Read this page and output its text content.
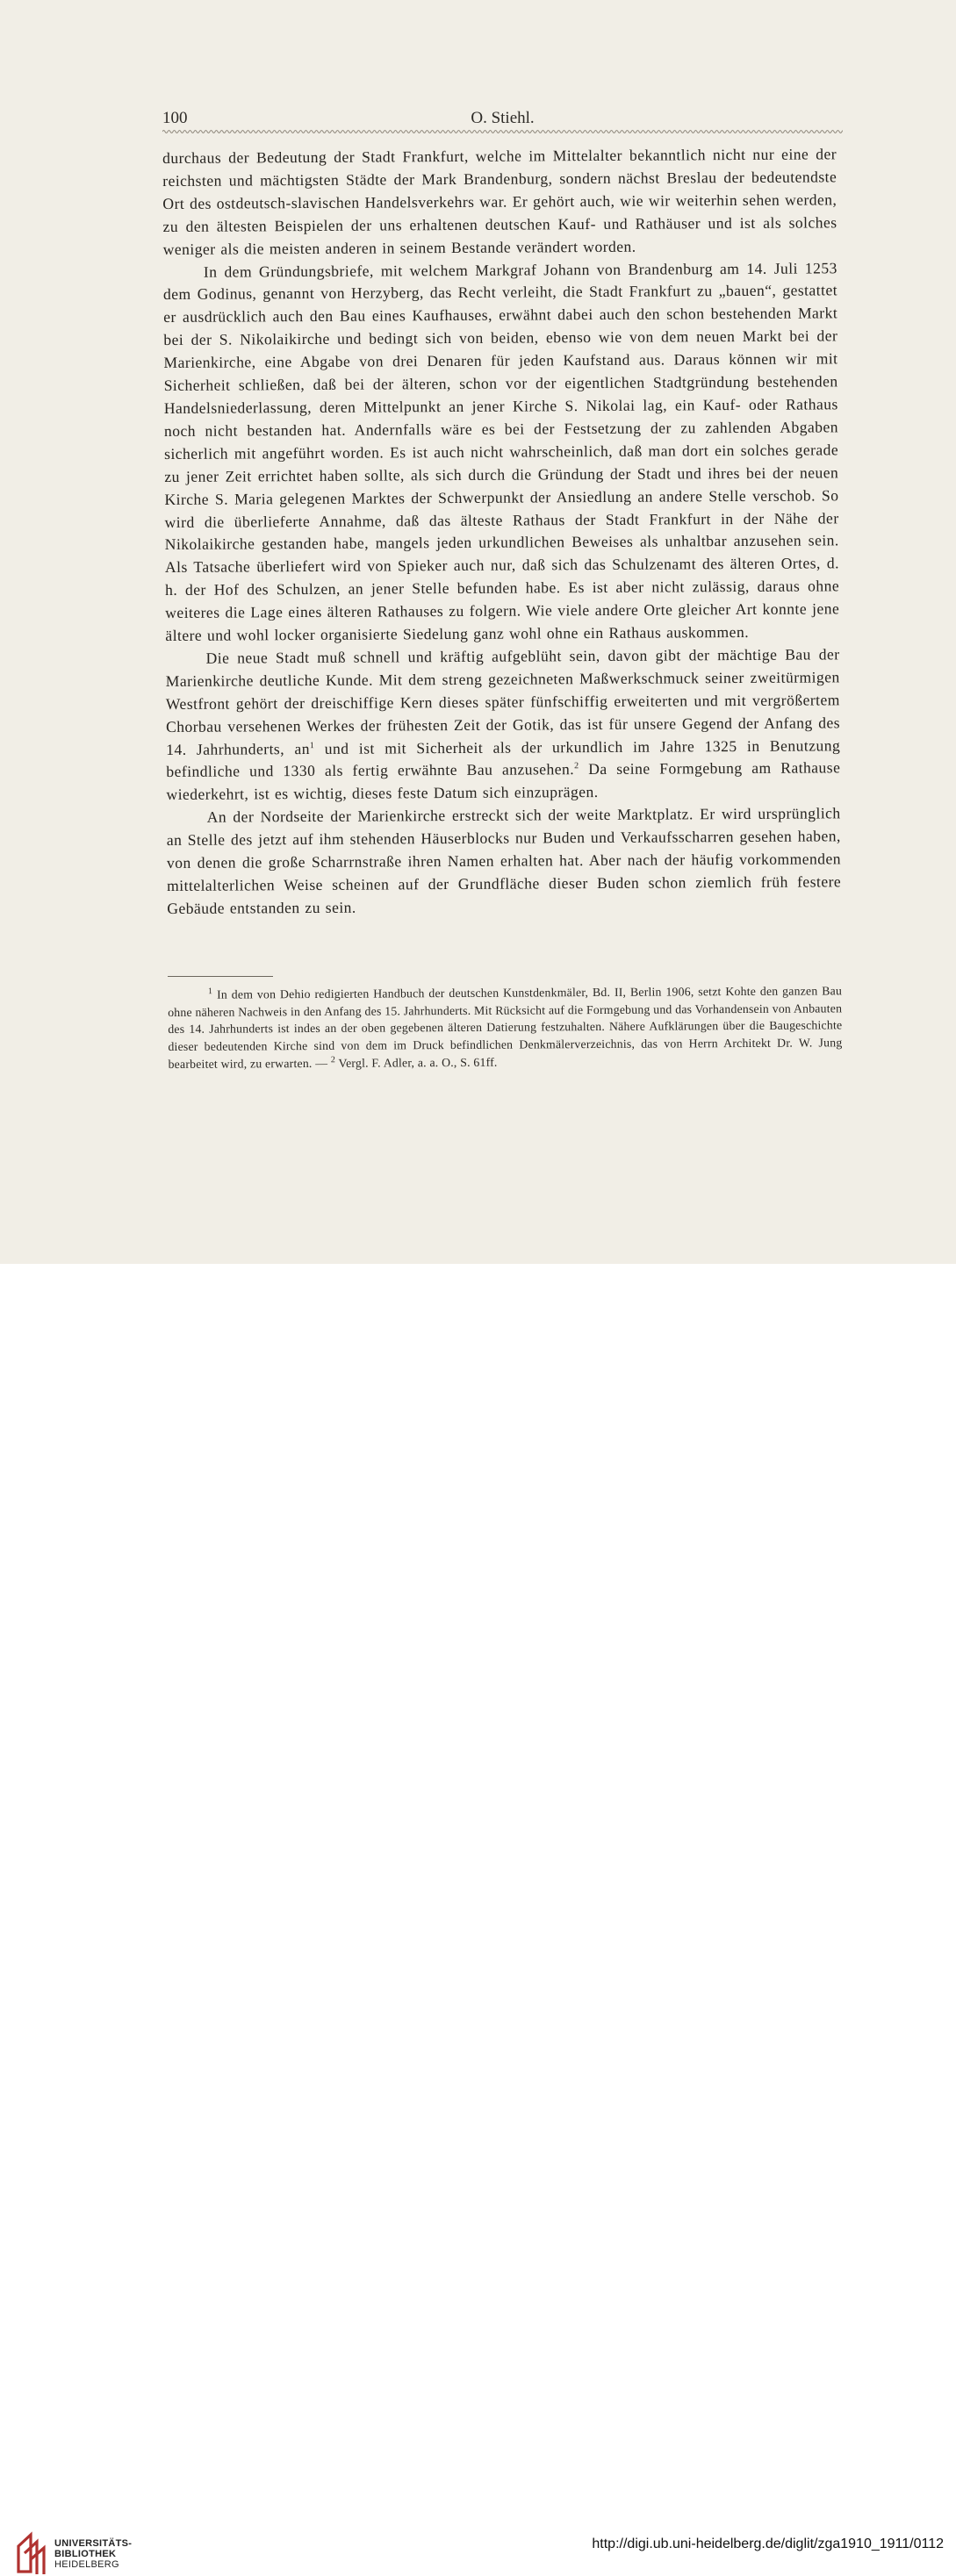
100	O. Stiehl.

durchaus der Bedeutung der Stadt Frankfurt, welche im Mittelalter bekanntlich nicht nur eine der reichsten und mächtigsten Städte der Mark Brandenburg, sondern nächst Breslau der bedeutendste Ort des ostdeutsch-slavischen Handelsverkehrs war. Er gehört auch, wie wir weiterhin sehen werden, zu den ältesten Beispielen der uns erhaltenen deutschen Kauf- und Rathäuser und ist als solches weniger als die meisten anderen in seinem Bestande verändert worden.

In dem Gründungsbriefe, mit welchem Markgraf Johann von Brandenburg am 14. Juli 1253 dem Godinus, genannt von Herzyberg, das Recht verleiht, die Stadt Frankfurt zu „bauen“, gestattet er ausdrücklich auch den Bau eines Kaufhauses, erwähnt dabei auch den schon bestehenden Markt bei der S. Nikolaikirche und bedingt sich von beiden, ebenso wie von dem neuen Markt bei der Marienkirche, eine Abgabe von drei Denaren für jeden Kaufstand aus. Daraus können wir mit Sicherheit schließen, daß bei der älteren, schon vor der eigentlichen Stadtgründung bestehenden Handelsniederlassung, deren Mittelpunkt an jener Kirche S. Nikolai lag, ein Kauf- oder Rathaus noch nicht bestanden hat. Andernfalls wäre es bei der Festsetzung der zu zahlenden Abgaben sicherlich mit angeführt worden. Es ist auch nicht wahrscheinlich, daß man dort ein solches gerade zu jener Zeit errichtet haben sollte, als sich durch die Gründung der Stadt und ihres bei der neuen Kirche S. Maria gelegenen Marktes der Schwerpunkt der Ansiedlung an andere Stelle verschob. So wird die überlieferte Annahme, daß das älteste Rathaus der Stadt Frankfurt in der Nähe der Nikolaikirche gestanden habe, mangels jeden urkundlichen Beweises als unhaltbar anzusehen sein. Als Tatsache überliefert wird von Spieker auch nur, daß sich das Schulzenamt des älteren Ortes, d. h. der Hof des Schulzen, an jener Stelle befunden habe. Es ist aber nicht zulässig, daraus ohne weiteres die Lage eines älteren Rathauses zu folgern. Wie viele andere Orte gleicher Art konnte jene ältere und wohl locker organisierte Siedelung ganz wohl ohne ein Rathaus auskommen.

Die neue Stadt muß schnell und kräftig aufgeblüht sein, davon gibt der mächtige Bau der Marienkirche deutliche Kunde. Mit dem streng gezeichneten Maßwerkschmuck seiner zweitürmigen Westfront gehört der dreischiffige Kern dieses später fünfschiffig erweiterten und mit vergrößertem Chorbau versehenen Werkes der frühesten Zeit der Gotik, das ist für unsere Gegend der Anfang des 14. Jahrhunderts, an$^1$ und ist mit Sicherheit als der urkundlich im Jahre 1325 in Benutzung befindliche und 1330 als fertig erwähnte Bau anzusehen.$^2$ Da seine Formgebung am Rathause wiederkehrt, ist es wichtig, dieses feste Datum sich einzuprägen.

An der Nordseite der Marienkirche erstreckt sich der weite Marktplatz. Er wird ursprünglich an Stelle des jetzt auf ihm stehenden Häuserblocks nur Buden und Verkaufsscharren gesehen haben, von denen die große Scharrnstraße ihren Namen erhalten hat. Aber nach der häufig vorkommenden mittelalterlichen Weise scheinen auf der Grundfläche dieser Buden schon ziemlich früh festere Gebäude entstanden zu sein.

$^1$ In dem von Dehio redigierten Handbuch der deutschen Kunstdenkmäler, Bd. II, Berlin 1906, setzt Kohte den ganzen Bau ohne näheren Nachweis in den Anfang des 15. Jahrhunderts. Mit Rücksicht auf die Formgebung und das Vorhandensein von Anbauten des 14. Jahrhunderts ist indes an der oben gegebenen älteren Datierung festzuhalten. Nähere Aufklärungen über die Baugeschichte dieser bedeutenden Kirche sind von dem im Druck befindlichen Denkmälerverzeichnis, das von Herrn Architekt Dr. W. Jung bearbeitet wird, zu erwarten. — $^2$ Vergl. F. Adler, a. a. O., S. 61ff.

UNIVERSITÄTS-
BIBLIOTHEK
HEIDELBERG
http://digi.ub.uni-heidelberg.de/diglit/zga1910_1911/0112
